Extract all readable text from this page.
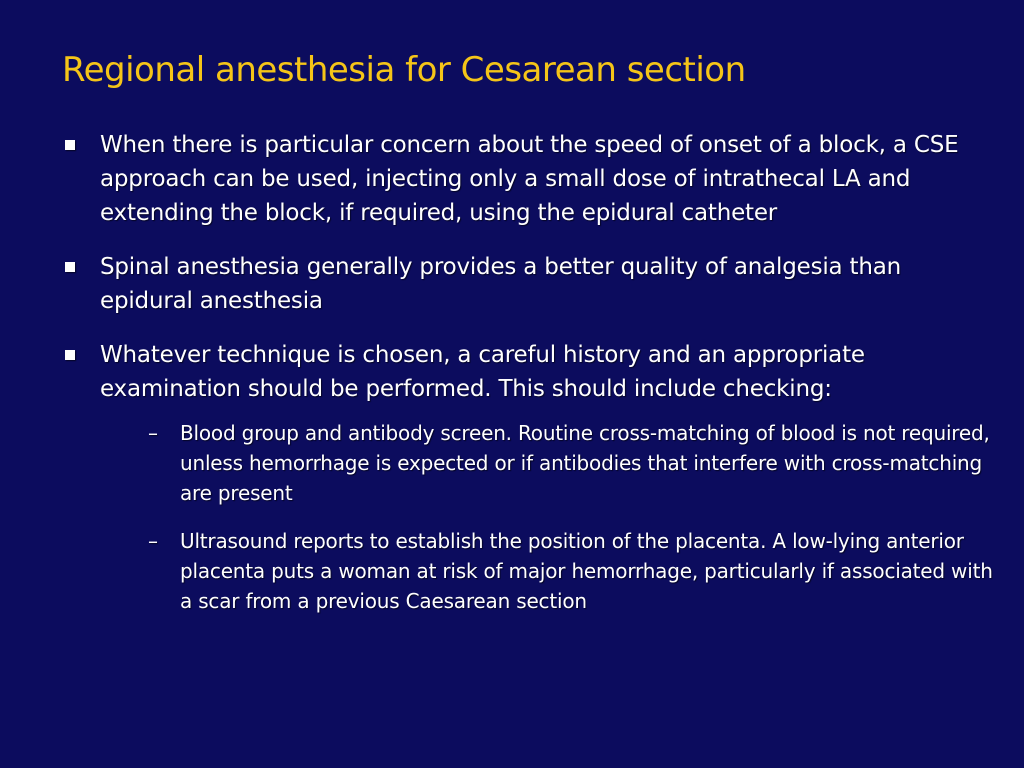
Regional anesthesia for Cesarean section
When there is particular concern about the speed of onset of a block, a CSE approach can be used, injecting only a small dose of intrathecal LA and extending the block, if required, using the epidural catheter
Spinal anesthesia generally provides a better quality of analgesia than epidural anesthesia
Whatever technique is chosen, a careful history and an appropriate examination should be performed. This should include checking:
– Blood group and antibody screen. Routine cross-matching of blood is not required, unless hemorrhage is expected or if antibodies that interfere with cross-matching are present
– Ultrasound reports to establish the position of the placenta. A low-lying anterior placenta puts a woman at risk of major hemorrhage, particularly if associated with a scar from a previous Caesarean section
